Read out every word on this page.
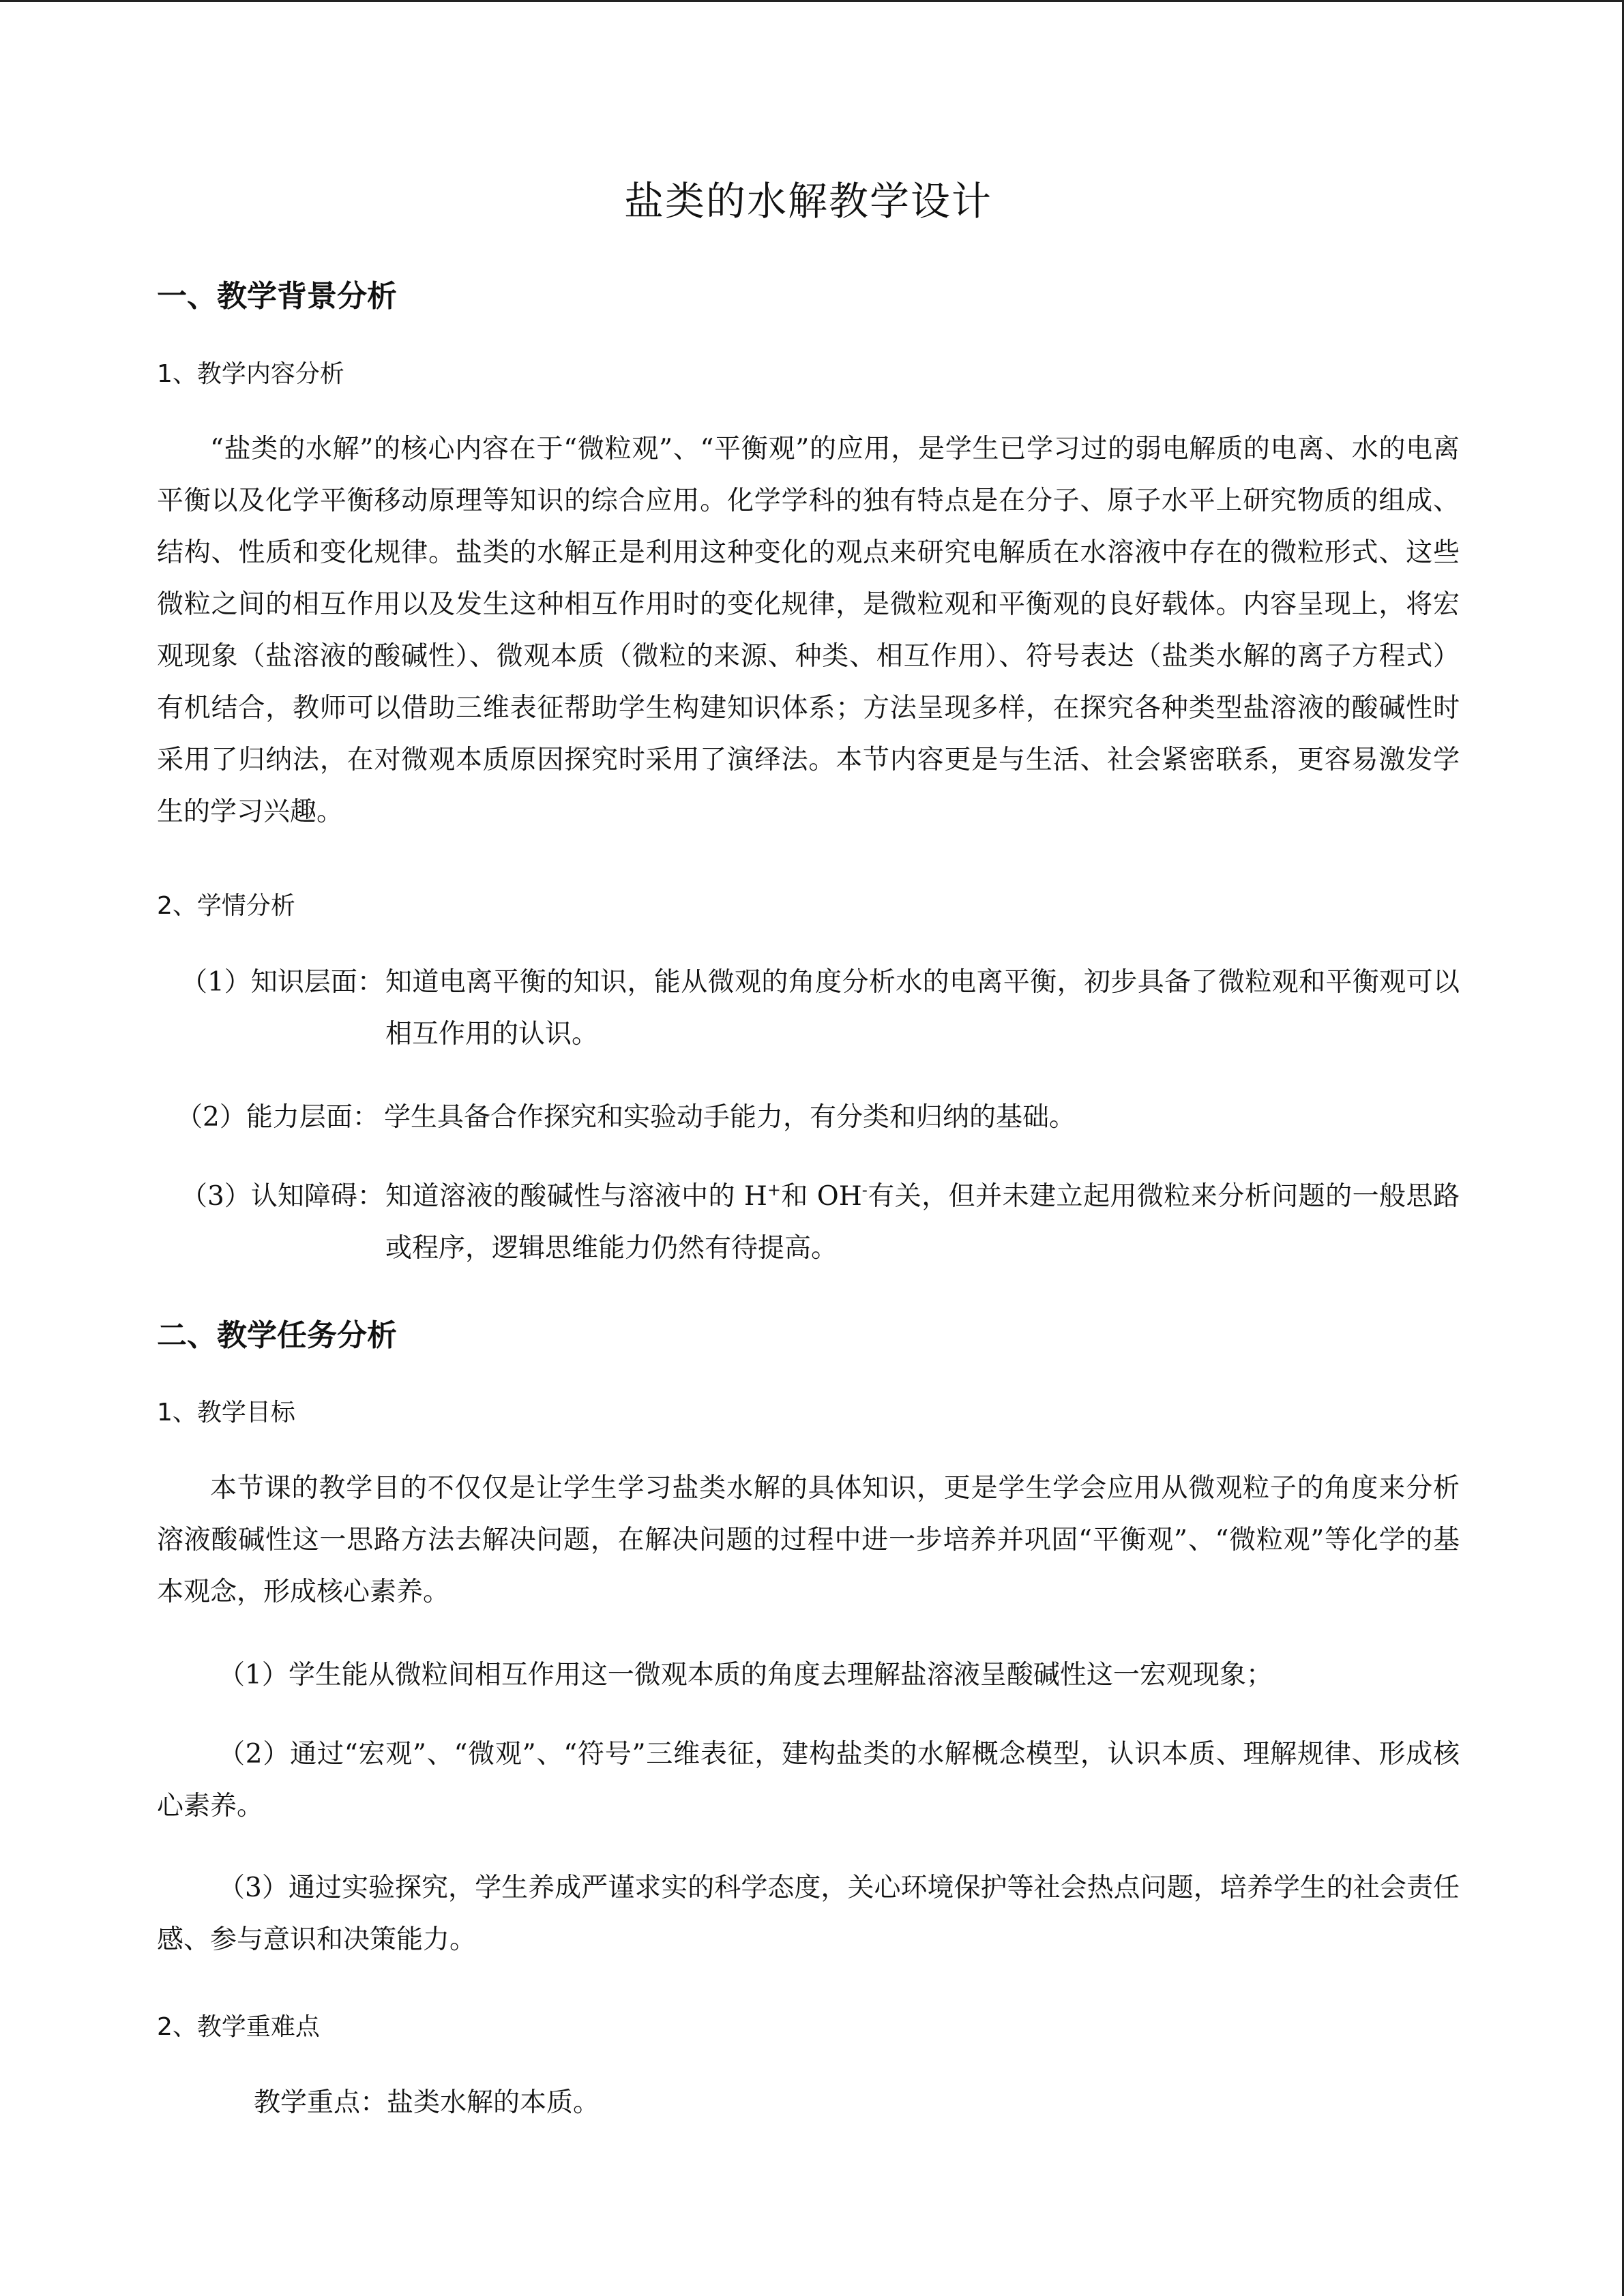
盐类的水解教学设计
一、教学背景分析
1、教学内容分析

“盐类的水解”的核心内容在于“微粒观”、“平衡观”的应用，是学生已学习过的弱电解质的电离、水的电离平衡以及化学平衡移动原理等知识的综合应用。化学学科的独有特点是在分子、原子水平上研究物质的组成、结构、性质和变化规律。盐类的水解正是利用这种变化的观点来研究电解质在水溶液中存在的微粒形式、这些微粒之间的相互作用以及发生这种相互作用时的变化规律，是微粒观和平衡观的良好载体。内容呈现上，将宏观现象（盐溶液的酸碱性）、微观本质（微粒的来源、种类、相互作用）、符号表达（盐类水解的离子方程式）有机结合，教师可以借助三维表征帮助学生构建知识体系；方法呈现多样，在探究各种类型盐溶液的酸碱性时采用了归纳法，在对微观本质原因探究时采用了演绎法。本节内容更是与生活、社会紧密联系，更容易激发学生的学习兴趣。

2、学情分析
（1）知识层面： 知道电离平衡的知识，能从微观的角度分析水的电离平衡，初步具备了微粒观和平衡观可以相互作用的认识。
（2）能力层面： 学生具备合作探究和实验动手能力，有分类和归纳的基础。
（3）认知障碍： 知道溶液的酸碱性与溶液中的 H+和 OH-有关，但并未建立起用微粒来分析问题的一般思路或程序，逻辑思维能力仍然有待提高。
二、教学任务分析
1、教学目标

本节课的教学目的不仅仅是让学生学习盐类水解的具体知识，更是学生学会应用从微观粒子的角度来分析溶液酸碱性这一思路方法去解决问题，在解决问题的过程中进一步培养并巩固“平衡观”、“微粒观”等化学的基本观念，形成核心素养。

（1）学生能从微粒间相互作用这一微观本质的角度去理解盐溶液呈酸碱性这一宏观现象；

（2）通过“宏观”、“微观”、“符号”三维表征，建构盐类的水解概念模型，认识本质、理解规律、形成核心素养。

（3）通过实验探究，学生养成严谨求实的科学态度，关心环境保护等社会热点问题，培养学生的社会责任感、参与意识和决策能力。

2、教学重难点

教学重点：盐类水解的本质。
